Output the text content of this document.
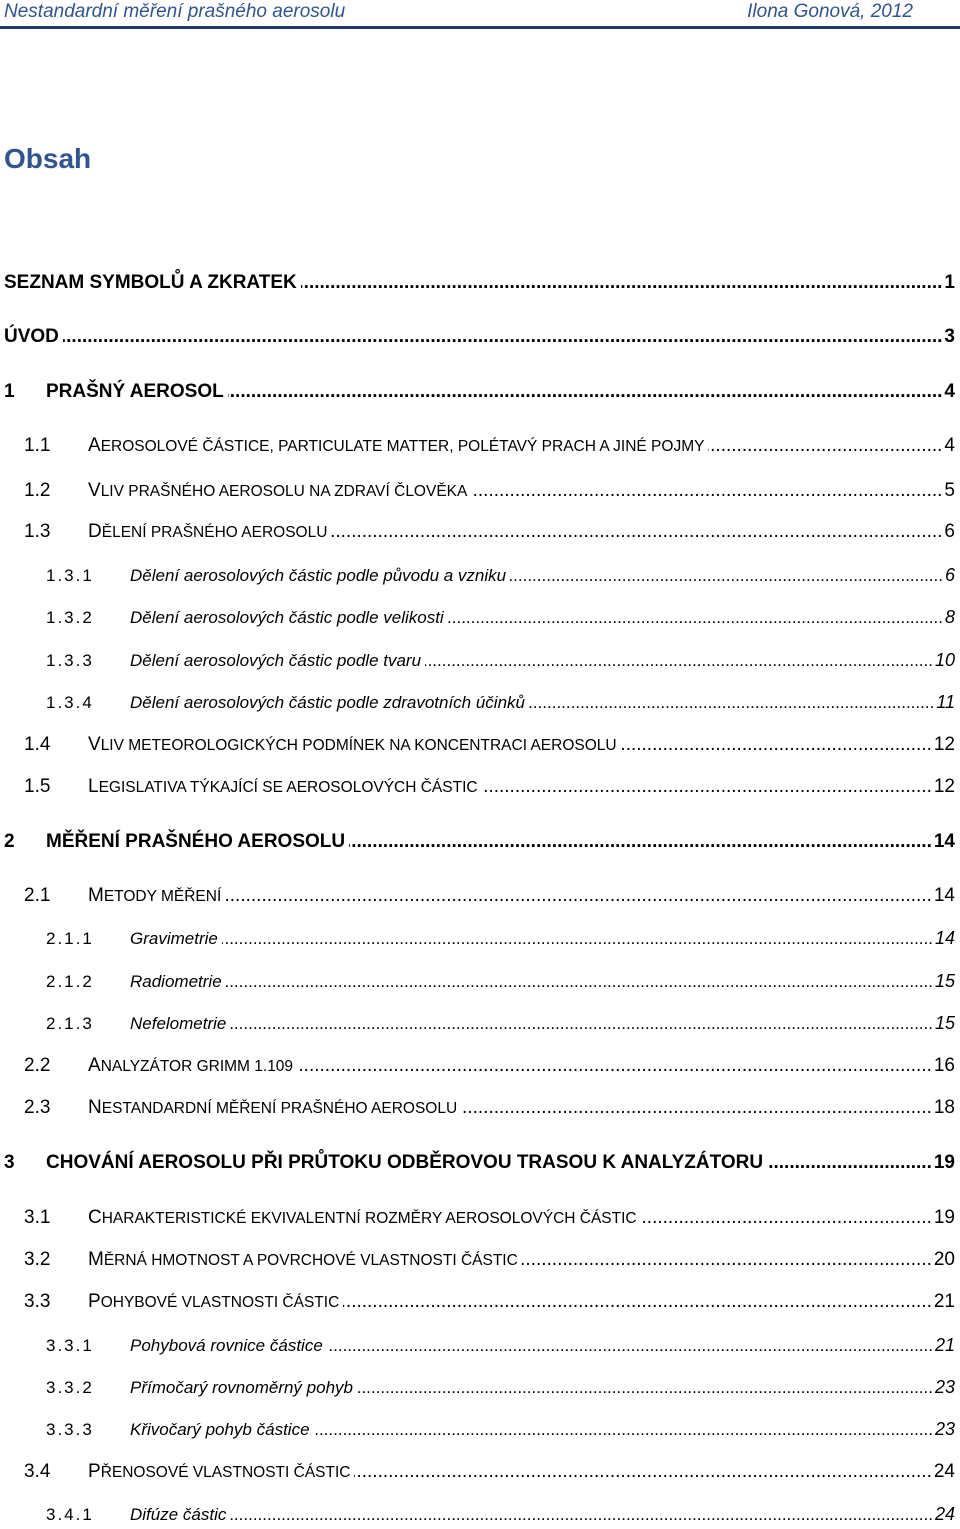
Nestandardní měření prašného aerosolu	Ilona Gonová, 2012
Obsah
SEZNAM SYMBOLŮ A ZKRATEK .....	1
ÚVOD .....	3
1	PRAŠNÝ AEROSOL .....	4
1.1	AEROSOLOVÉ ČÁSTICE, PARTICULATE MATTER, POLÉTAVÝ PRACH A JINÉ POJMY .....	4
1.2	VLIV PRAŠNÉHO AEROSOLU NA ZDRAVÍ ČLOVĚKA .....	5
1.3	DĚLENÍ PRAŠNÉHO AEROSOLU .....	6
1.3.1	Dělení aerosolových částic podle původu a vzniku .....	6
1.3.2	Dělení aerosolových částic podle velikosti .....	8
1.3.3	Dělení aerosolových částic podle tvaru .....	10
1.3.4	Dělení aerosolových částic podle zdravotních účinků .....	11
1.4	VLIV METEOROLOGICKÝCH PODMÍNEK NA KONCENTRACI AEROSOLU .....	12
1.5	LEGISLATIVA TÝKAJÍCÍ SE AEROSOLOVÝCH ČÁSTIC .....	12
2	MĚŘENÍ PRAŠNÉHO AEROSOLU .....	14
2.1	METODY MĚŘENÍ .....	14
2.1.1	Gravimetrie .....	14
2.1.2	Radiometrie .....	15
2.1.3	Nefelometrie .....	15
2.2	ANALYZÁTOR GRIMM 1.109 .....	16
2.3	NESTANDARDNÍ MĚŘENÍ PRAŠNÉHO AEROSOLU .....	18
3	CHOVÁNÍ AEROSOLU PŘI PRŮTOKU ODBĚROVOU TRASOU K ANALYZÁTORU .....	19
3.1	CHARAKTERISTICKÉ EKVIVALENTNÍ ROZMĚRY AEROSOLOVÝCH ČÁSTIC .....	19
3.2	MĚRNÁ HMOTNOST A POVRCHOVÉ VLASTNOSTI ČÁSTIC .....	20
3.3	POHYBOVÉ VLASTNOSTI ČÁSTIC .....	21
3.3.1	Pohybová rovnice částice .....	21
3.3.2	Přímočarý rovnoměrný pohyb .....	23
3.3.3	Křivočarý pohyb částice .....	23
3.4	PŘENOSOVÉ VLASTNOSTI ČÁSTIC .....	24
3.4.1	Difúze částic .....	24
